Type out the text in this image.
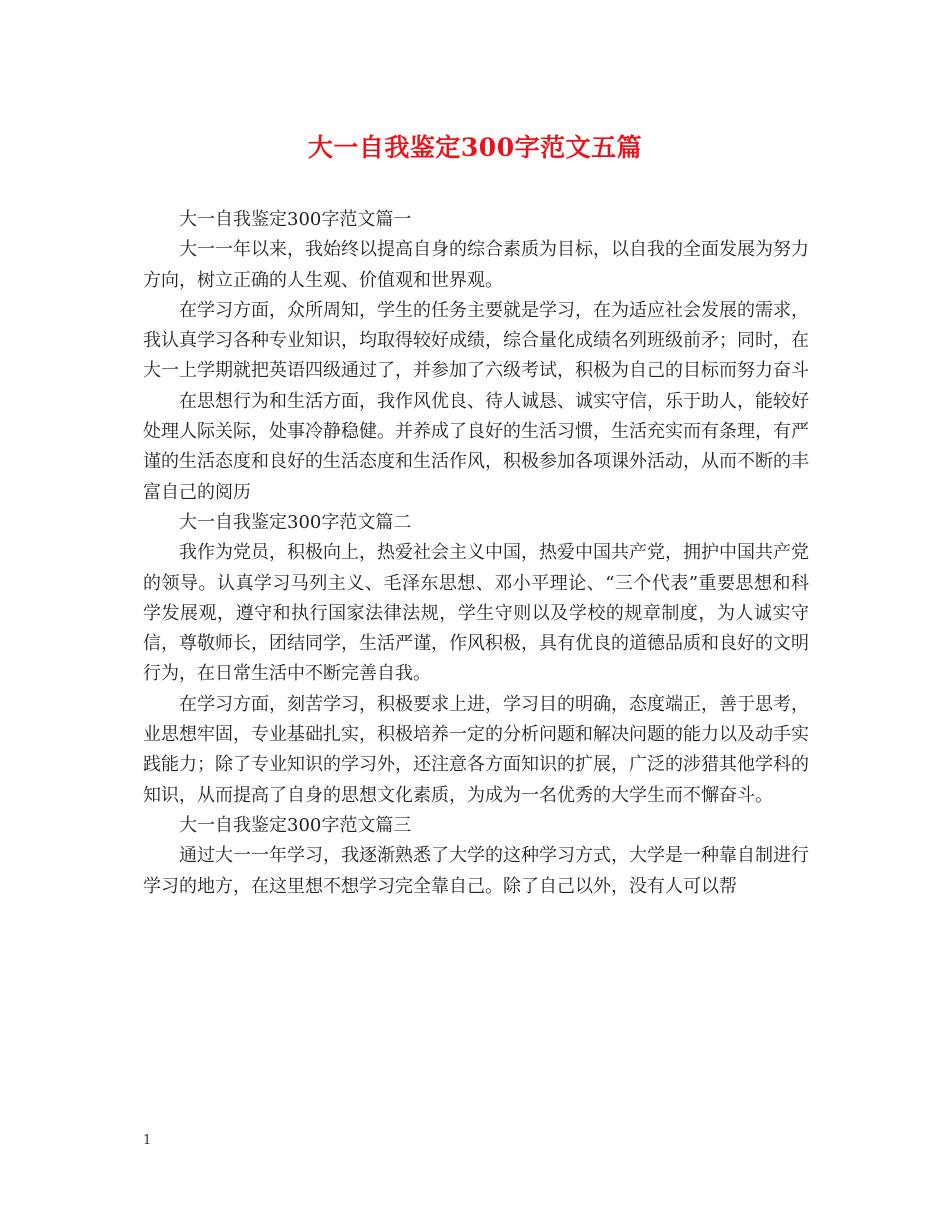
大一自我鉴定300字范文五篇

大一自我鉴定300字范文篇一

大一一年以来，我始终以提高自身的综合素质为目标，以自我的全面发展为努力方向，树立正确的人生观、价值观和世界观。

在学习方面，众所周知，学生的任务主要就是学习，在为适应社会发展的需求，我认真学习各种专业知识，均取得较好成绩，综合量化成绩名列班级前矛；同时，在大一上学期就把英语四级通过了，并参加了六级考试，积极为自己的目标而努力奋斗

在思想行为和生活方面，我作风优良、待人诚恳、诚实守信，乐于助人，能较好处理人际关际，处事冷静稳健。并养成了良好的生活习惯，生活充实而有条理，有严谨的生活态度和良好的生活态度和生活作风，积极参加各项课外活动，从而不断的丰富自己的阅历

大一自我鉴定300字范文篇二

我作为党员，积极向上，热爱社会主义中国，热爱中国共产党，拥护中国共产党的领导。认真学习马列主义、毛泽东思想、邓小平理论、“三个代表”重要思想和科学发展观，遵守和执行国家法律法规，学生守则以及学校的规章制度，为人诚实守信，尊敬师长，团结同学，生活严谨，作风积极，具有优良的道德品质和良好的文明行为，在日常生活中不断完善自我。

在学习方面，刻苦学习，积极要求上进，学习目的明确，态度端正，善于思考，业思想牢固，专业基础扎实，积极培养一定的分析问题和解决问题的能力以及动手实践能力；除了专业知识的学习外，还注意各方面知识的扩展，广泛的涉猎其他学科的知识，从而提高了自身的思想文化素质，为成为一名优秀的大学生而不懈奋斗。

大一自我鉴定300字范文篇三

通过大一一年学习，我逐渐熟悉了大学的这种学习方式，大学是一种靠自制进行学习的地方，在这里想不想学习完全靠自己。除了自己以外，没有人可以帮

1
